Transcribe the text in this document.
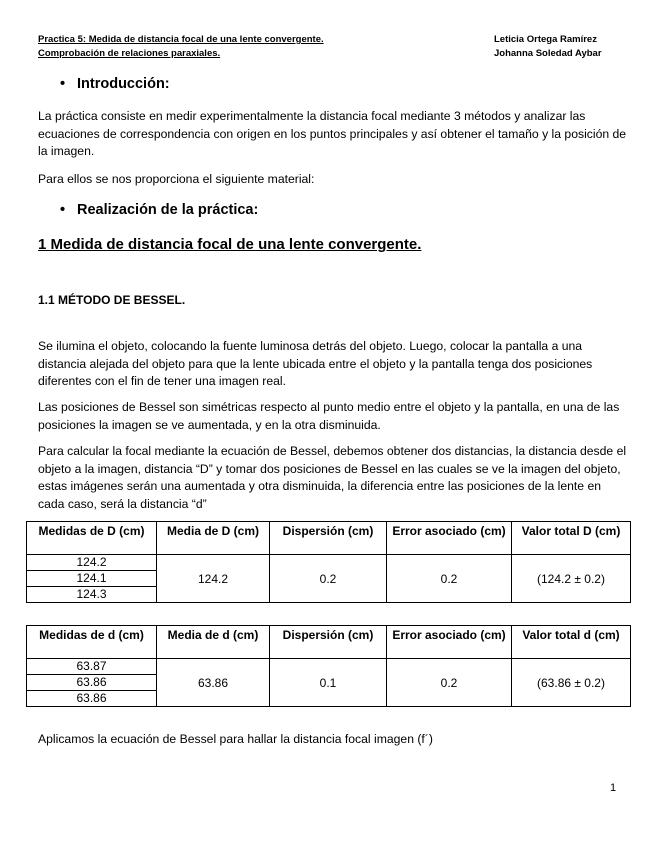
Practica 5: Medida de distancia focal de una lente convergente.
Comprobación de relaciones paraxiales.
Leticia Ortega Ramírez
Johanna Soledad Aybar
• Introducción:

La práctica consiste en medir experimentalmente la distancia focal mediante 3 métodos y analizar las ecuaciones de correspondencia con origen en los puntos principales y así obtener el tamaño y la posición de la imagen.

Para ellos se nos proporciona el siguiente material:

• Realización de la práctica:
1 Medida de distancia focal de una lente convergente.
1.1 MÉTODO DE BESSEL.

Se ilumina el objeto, colocando la fuente luminosa detrás del objeto. Luego, colocar la pantalla a una distancia alejada del objeto para que la lente ubicada entre el objeto y la pantalla tenga dos posiciones diferentes con el fin de tener una imagen real.

Las posiciones de Bessel son simétricas respecto al punto medio entre el objeto y la pantalla, en una de las posiciones la imagen se ve aumentada, y en la otra disminuida.

Para calcular la focal mediante la ecuación de Bessel, debemos obtener dos distancias, la distancia desde el objeto a la imagen, distancia “D” y tomar dos posiciones de Bessel en las cuales se ve la imagen del objeto, estas imágenes serán una aumentada y otra disminuida, la diferencia entre las posiciones de la lente en cada caso, será la distancia “d”

Medidas de D (cm)	Media de D (cm)	Dispersión (cm)	Error asociado (cm)	Valor total D (cm)
124.2	124.2	0.2	0.2	(124.2 ± 0.2)
124.1				
124.3				
Medidas de d (cm)	Media de d (cm)	Dispersión (cm)	Error asociado (cm)	Valor total d (cm)
63.87	63.86	0.1	0.2	(63.86 ± 0.2)
63.86				
63.86				

Aplicamos la ecuación de Bessel para hallar la distancia focal imagen (f´)

1
